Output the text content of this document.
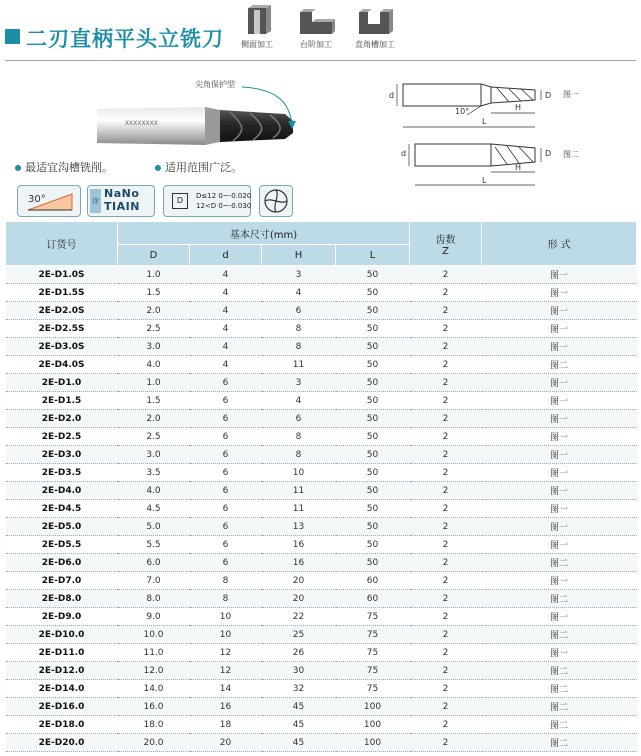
二刃直柄平头立铣刀	侧面加工	台阶加工	直角槽加工
XXXXXXXX
尖角保护型
最适宜沟槽铣削。	适用范围广泛。
30°	涂
NaNo
TIAIN	D	D≤12 0~-0.020
12<D 0~-0.030
d	D
H
L
10°
图一
d	D
H
L
图二
订货号	基本尺寸(mm)				齿数
Z	形 式
	D	d	H	L		
2E-D1.0S	1.0	4	3	50	2	图一
2E-D1.5S	1.5	4	4	50	2	图一
2E-D2.0S	2.0	4	6	50	2	图一
2E-D2.5S	2.5	4	8	50	2	图一
2E-D3.0S	3.0	4	8	50	2	图一
2E-D4.0S	4.0	4	11	50	2	图二
2E-D1.0	1.0	6	3	50	2	图一
2E-D1.5	1.5	6	4	50	2	图一
2E-D2.0	2.0	6	6	50	2	图一
2E-D2.5	2.5	6	8	50	2	图一
2E-D3.0	3.0	6	8	50	2	图一
2E-D3.5	3.5	6	10	50	2	图一
2E-D4.0	4.0	6	11	50	2	图一
2E-D4.5	4.5	6	11	50	2	图一
2E-D5.0	5.0	6	13	50	2	图一
2E-D5.5	5.5	6	16	50	2	图一
2E-D6.0	6.0	6	16	50	2	图二
2E-D7.0	7.0	8	20	60	2	图一
2E-D8.0	8.0	8	20	60	2	图二
2E-D9.0	9.0	10	22	75	2	图一
2E-D10.0	10.0	10	25	75	2	图二
2E-D11.0	11.0	12	26	75	2	图一
2E-D12.0	12.0	12	30	75	2	图二
2E-D14.0	14.0	14	32	75	2	图二
2E-D16.0	16.0	16	45	100	2	图二
2E-D18.0	18.0	18	45	100	2	图二
2E-D20.0	20.0	20	45	100	2	图二
